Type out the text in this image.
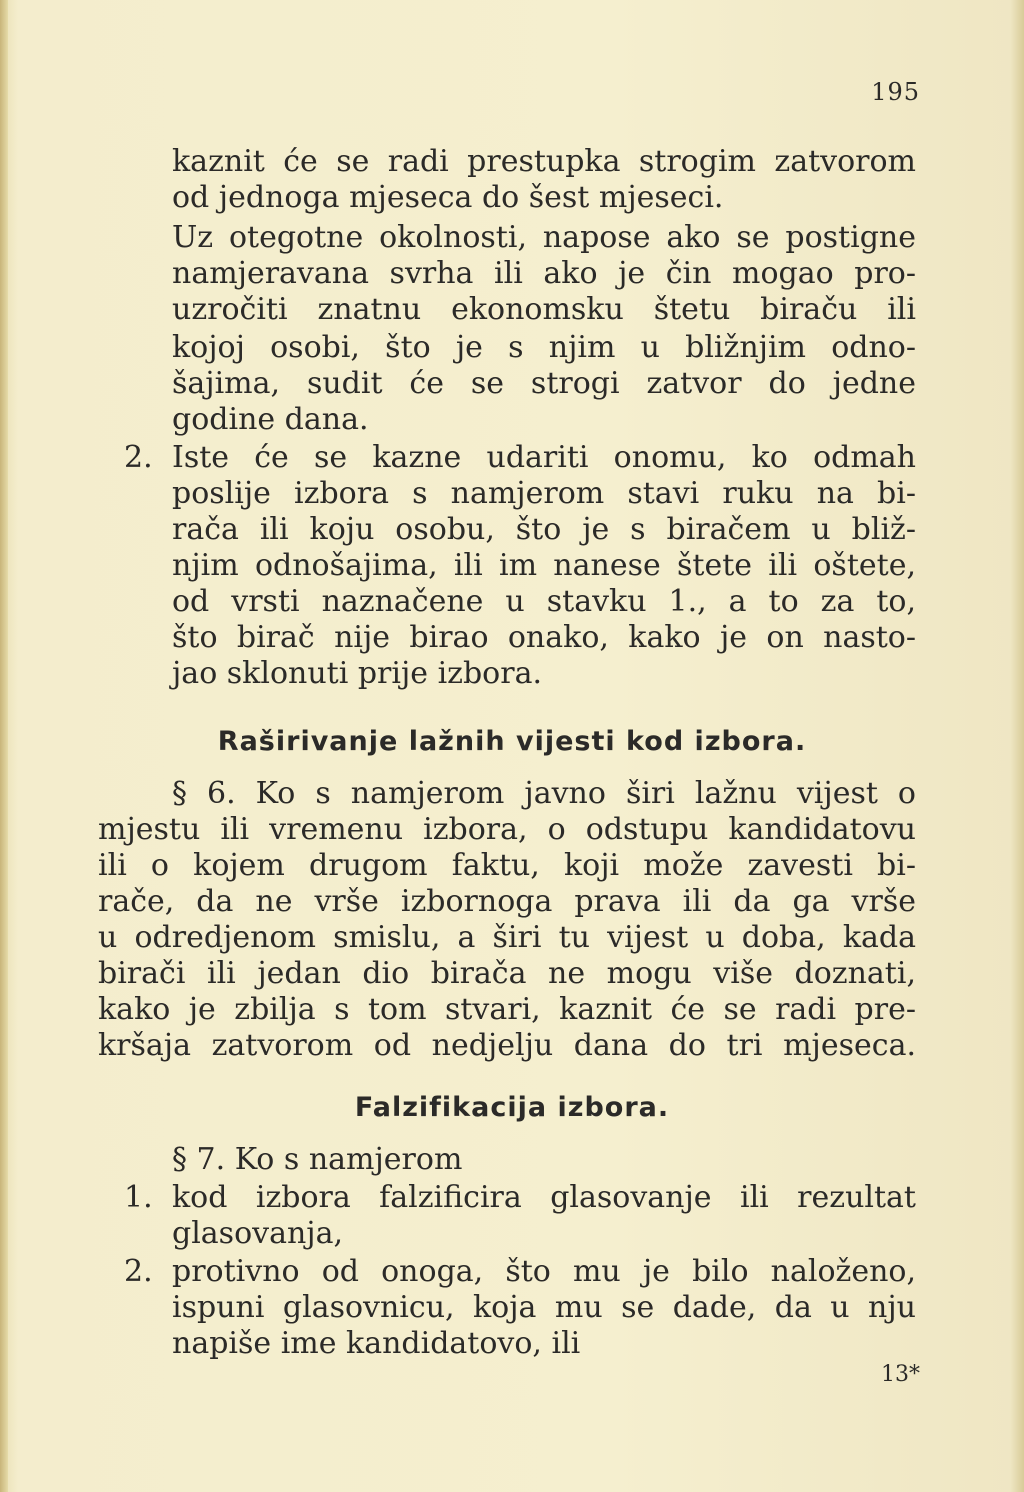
195
kaznit će se radi prestupka strogim zatvorom
od jednoga mjeseca do šest mjeseci.
Uz otegotne okolnosti, napose ako se postigne
namjeravana svrha ili ako je čin mogao pro-
uzročiti znatnu ekonomsku štetu biraču ili
kojoj osobi, što je s njim u bližnjim odno-
šajima, sudit će se strogi zatvor do jedne
godine dana.
2. Iste će se kazne udariti onomu, ko odmah
poslije izbora s namjerom stavi ruku na bi-
rača ili koju osobu, što je s biračem u bliž-
njim odnošajima, ili im nanese štete ili oštete,
od vrsti naznačene u stavku 1., a to za to,
što birač nije birao onako, kako je on nasto-
jao sklonuti prije izbora.
Raširivanje lažnih vijesti kod izbora.
§ 6. Ko s namjerom javno širi lažnu vijest o
mjestu ili vremenu izbora, o odstupu kandidatovu
ili o kojem drugom faktu, koji može zavesti bi-
rače, da ne vrše izbornoga prava ili da ga vrše
u odredjenom smislu, a širi tu vijest u doba, kada
birači ili jedan dio birača ne mogu više doznati,
kako je zbilja s tom stvari, kaznit će se radi pre-
kršaja zatvorom od nedjelju dana do tri mjeseca.
Falzifikacija izbora.
§ 7. Ko s namjerom
1. kod izbora falzificira glasovanje ili rezultat
glasovanja,
2. protivno od onoga, što mu je bilo naloženo,
ispuni glasovnicu, koja mu se dade, da u nju
napiše ime kandidatovo, ili
13*
